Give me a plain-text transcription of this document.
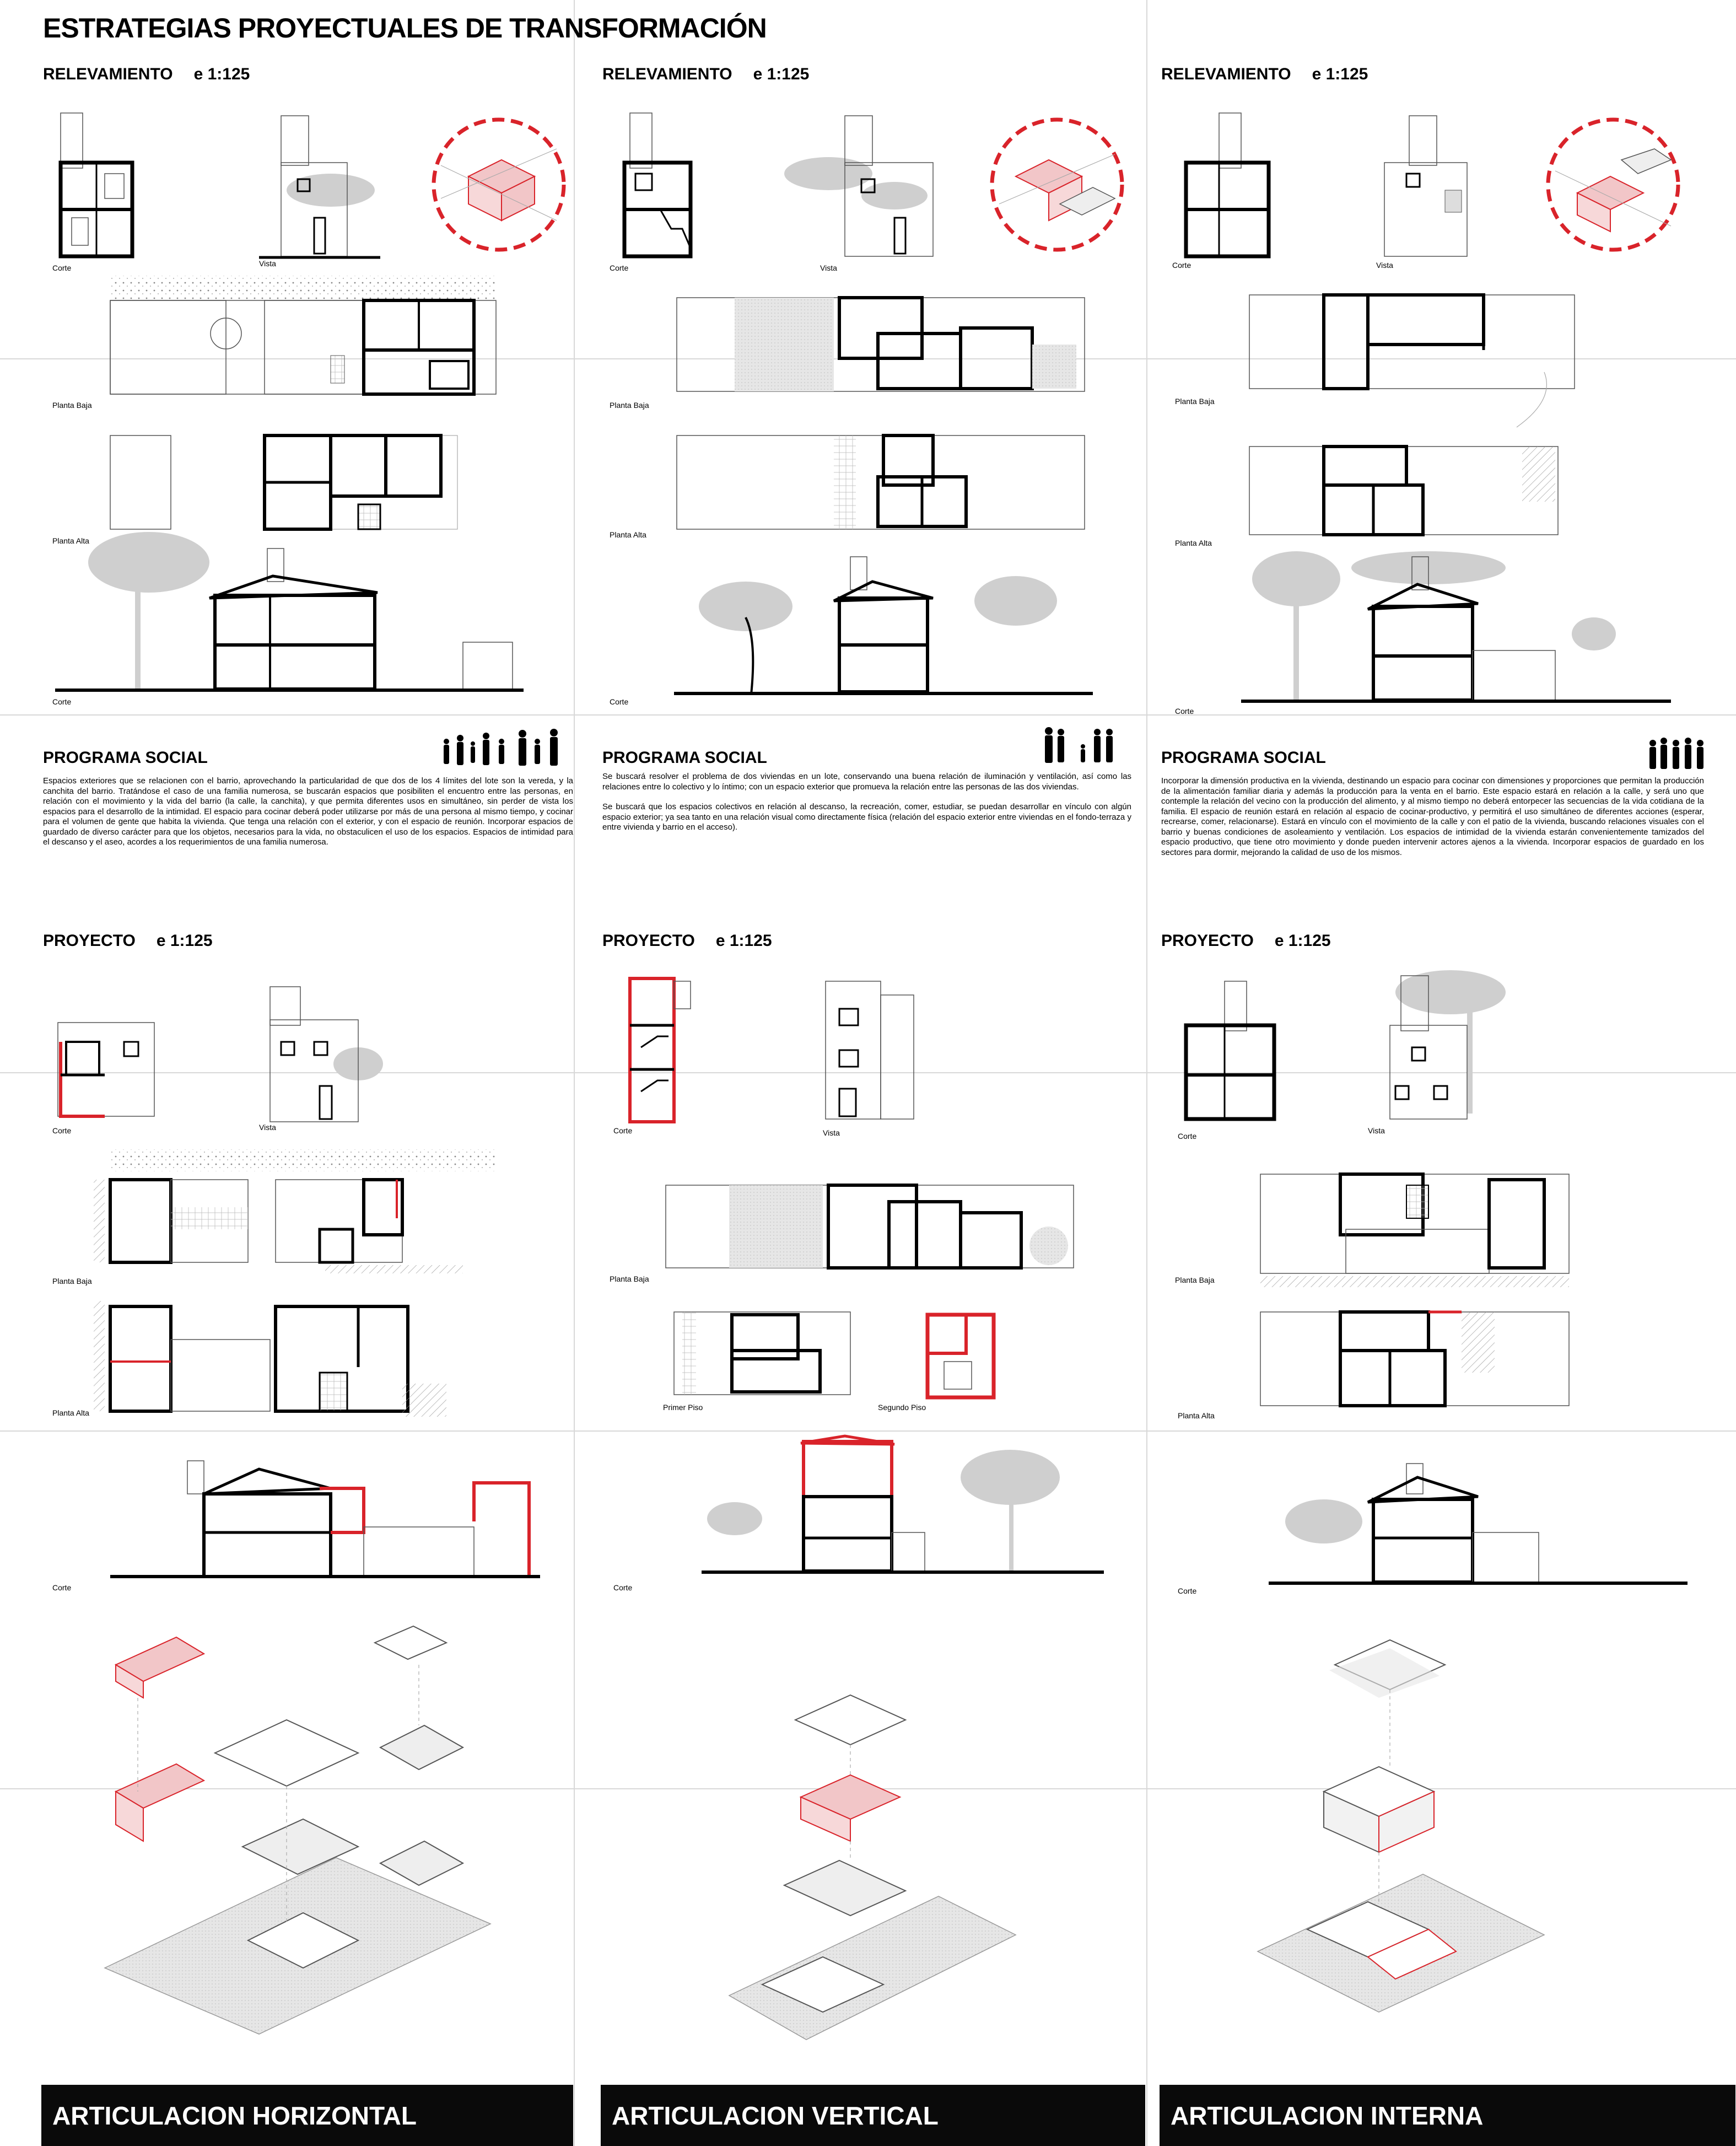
ESTRATEGIAS PROYECTUALES DE TRANSFORMACIÓN
RELEVAMIENTO e 1:125
Corte	Vista
Planta Baja
Planta Alta
Corte
PROGRAMA SOCIAL

Espacios exteriores que se relacionen con el barrio, aprovechando la particularidad de que dos de los 4 límites del lote son la vereda, y la canchita del barrio. Tratándose el caso de una familia numerosa, se buscarán espacios que posibiliten el encuentro entre las personas, en relación con el movimiento y la vida del barrio (la calle, la canchita), y que permita diferentes usos en simultáneo, sin perder de vista los espacios para el desarrollo de la intimidad. El espacio para cocinar deberá poder utilizarse por más de una persona al mismo tiempo, y cocinar para el volumen de gente que habita la vivienda. Que tenga una relación con el exterior, y con el espacio de reunión. Incorporar espacios de guardado de diverso carácter para que los objetos, necesarios para la vida, no obstaculicen el uso de los espacios. Espacios de intimidad para el descanso y el aseo, acordes a los requerimientos de una familia numerosa.

PROYECTO e 1:125
Corte	Vista
Planta Baja
Planta Alta
Corte
ARTICULACION HORIZONTAL
RELEVAMIENTO e 1:125
Corte	Vista
Planta Baja
Planta Alta
Corte
PROGRAMA SOCIAL

Se buscará resolver el problema de dos viviendas en un lote, conservando una buena relación de iluminación y ventilación, así como las relaciones entre lo colectivo y lo íntimo; con un espacio exterior que promueva la relación entre las personas de las dos viviendas.

Se buscará que los espacios colectivos en relación al descanso, la recreación, comer, estudiar, se puedan desarrollar en vínculo con algún espacio exterior; ya sea tanto en una relación visual como directamente física (relación del espacio exterior entre viviendas en el fondo-terraza y entre vivienda y barrio en el acceso).

PROYECTO e 1:125
Corte	Vista
Planta Baja
Primer Piso	Segundo Piso
Corte
ARTICULACION VERTICAL
RELEVAMIENTO e 1:125
Corte	Vista
Planta Baja
Planta Alta
Corte
PROGRAMA SOCIAL

Incorporar la dimensión productiva en la vivienda, destinando un espacio para cocinar con dimensiones y proporciones que permitan la producción de la alimentación familiar diaria y además la producción para la venta en el barrio. Este espacio estará en relación a la calle, y será uno que contemple la relación del vecino con la producción del alimento, y al mismo tiempo no deberá entorpecer las secuencias de la vida cotidiana de la familia. El espacio de reunión estará en relación al espacio de cocinar-productivo, y permitirá el uso simultáneo de diferentes acciones (esperar, recrearse, comer, relacionarse). Estará en vínculo con el movimiento de la calle y con el patio de la vivienda, buscando relaciones visuales con el barrio y buenas condiciones de asoleamiento y ventilación. Los espacios de intimidad de la vivienda estarán convenientemente tamizados del espacio productivo, que tiene otro movimiento y donde pueden intervenir actores ajenos a la vivienda. Incorporar espacios de guardado en los sectores para dormir, mejorando la calidad de uso de los mismos.

PROYECTO e 1:125
Corte
Vista
Planta Baja
Planta Alta
Corte
ARTICULACION INTERNA
